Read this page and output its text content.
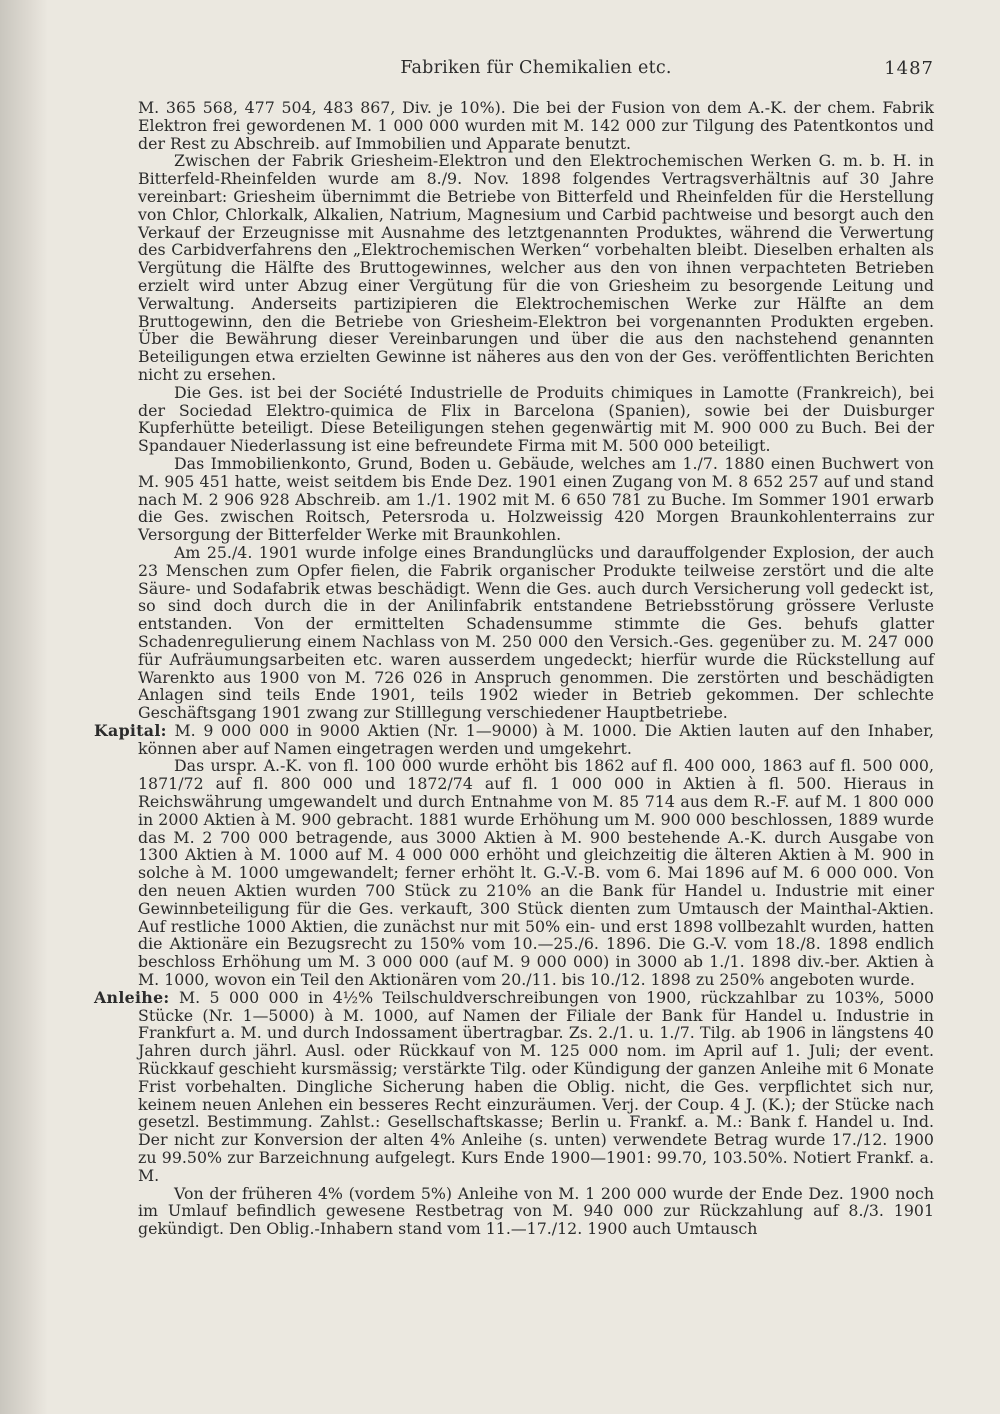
Fabriken für Chemikalien etc.	1487

M. 365 568, 477 504, 483 867, Div. je 10%). Die bei der Fusion von dem A.-K. der chem. Fabrik Elektron frei gewordenen M. 1 000 000 wurden mit M. 142 000 zur Tilgung des Patentkontos und der Rest zu Abschreib. auf Immobilien und Apparate benutzt.

Zwischen der Fabrik Griesheim-Elektron und den Elektrochemischen Werken G. m. b. H. in Bitterfeld-Rheinfelden wurde am 8./9. Nov. 1898 folgendes Vertragsverhältnis auf 30 Jahre vereinbart: Griesheim übernimmt die Betriebe von Bitterfeld und Rheinfelden für die Herstellung von Chlor, Chlorkalk, Alkalien, Natrium, Magnesium und Carbid pachtweise und besorgt auch den Verkauf der Erzeugnisse mit Ausnahme des letztgenannten Produktes, während die Verwertung des Carbidverfahrens den „Elektrochemischen Werken“ vorbehalten bleibt. Dieselben erhalten als Vergütung die Hälfte des Bruttogewinnes, welcher aus den von ihnen verpachteten Betrieben erzielt wird unter Abzug einer Vergütung für die von Griesheim zu besorgende Leitung und Verwaltung. Anderseits partizipieren die Elektrochemischen Werke zur Hälfte an dem Bruttogewinn, den die Betriebe von Griesheim-Elektron bei vorgenannten Produkten ergeben. Über die Bewährung dieser Vereinbarungen und über die aus den nachstehend genannten Beteiligungen etwa erzielten Gewinne ist näheres aus den von der Ges. veröffentlichten Berichten nicht zu ersehen.

Die Ges. ist bei der Société Industrielle de Produits chimiques in Lamotte (Frankreich), bei der Sociedad Elektro-quimica de Flix in Barcelona (Spanien), sowie bei der Duisburger Kupferhütte beteiligt. Diese Beteiligungen stehen gegenwärtig mit M. 900 000 zu Buch. Bei der Spandauer Niederlassung ist eine befreundete Firma mit M. 500 000 beteiligt.

Das Immobilienkonto, Grund, Boden u. Gebäude, welches am 1./7. 1880 einen Buchwert von M. 905 451 hatte, weist seitdem bis Ende Dez. 1901 einen Zugang von M. 8 652 257 auf und stand nach M. 2 906 928 Abschreib. am 1./1. 1902 mit M. 6 650 781 zu Buche. Im Sommer 1901 erwarb die Ges. zwischen Roitsch, Petersroda u. Holzweissig 420 Morgen Braunkohlenterrains zur Versorgung der Bitterfelder Werke mit Braunkohlen.

Am 25./4. 1901 wurde infolge eines Brandunglücks und darauffolgender Explosion, der auch 23 Menschen zum Opfer fielen, die Fabrik organischer Produkte teilweise zerstört und die alte Säure- und Sodafabrik etwas beschädigt. Wenn die Ges. auch durch Versicherung voll gedeckt ist, so sind doch durch die in der Anilinfabrik entstandene Betriebsstörung grössere Verluste entstanden. Von der ermittelten Schadensumme stimmte die Ges. behufs glatter Schadenregulierung einem Nachlass von M. 250 000 den Versich.-Ges. gegenüber zu. M. 247 000 für Aufräumungsarbeiten etc. waren ausserdem ungedeckt; hierfür wurde die Rückstellung auf Warenkto aus 1900 von M. 726 026 in Anspruch genommen. Die zerstörten und beschädigten Anlagen sind teils Ende 1901, teils 1902 wieder in Betrieb gekommen. Der schlechte Geschäftsgang 1901 zwang zur Stilllegung verschiedener Hauptbetriebe.

Kapital: M. 9 000 000 in 9000 Aktien (Nr. 1—9000) à M. 1000. Die Aktien lauten auf den Inhaber, können aber auf Namen eingetragen werden und umgekehrt.

Das urspr. A.-K. von fl. 100 000 wurde erhöht bis 1862 auf fl. 400 000, 1863 auf fl. 500 000, 1871/72 auf fl. 800 000 und 1872/74 auf fl. 1 000 000 in Aktien à fl. 500. Hieraus in Reichswährung umgewandelt und durch Entnahme von M. 85 714 aus dem R.-F. auf M. 1 800 000 in 2000 Aktien à M. 900 gebracht. 1881 wurde Erhöhung um M. 900 000 beschlossen, 1889 wurde das M. 2 700 000 betragende, aus 3000 Aktien à M. 900 bestehende A.-K. durch Ausgabe von 1300 Aktien à M. 1000 auf M. 4 000 000 erhöht und gleichzeitig die älteren Aktien à M. 900 in solche à M. 1000 umgewandelt; ferner erhöht lt. G.-V.-B. vom 6. Mai 1896 auf M. 6 000 000. Von den neuen Aktien wurden 700 Stück zu 210% an die Bank für Handel u. Industrie mit einer Gewinnbeteiligung für die Ges. verkauft, 300 Stück dienten zum Umtausch der Mainthal-Aktien. Auf restliche 1000 Aktien, die zunächst nur mit 50% ein- und erst 1898 vollbezahlt wurden, hatten die Aktionäre ein Bezugsrecht zu 150% vom 10.—25./6. 1896. Die G.-V. vom 18./8. 1898 endlich beschloss Erhöhung um M. 3 000 000 (auf M. 9 000 000) in 3000 ab 1./1. 1898 div.-ber. Aktien à M. 1000, wovon ein Teil den Aktionären vom 20./11. bis 10./12. 1898 zu 250% angeboten wurde.

Anleihe: M. 5 000 000 in 4½% Teilschuldverschreibungen von 1900, rückzahlbar zu 103%, 5000 Stücke (Nr. 1—5000) à M. 1000, auf Namen der Filiale der Bank für Handel u. Industrie in Frankfurt a. M. und durch Indossament übertragbar. Zs. 2./1. u. 1./7. Tilg. ab 1906 in längstens 40 Jahren durch jährl. Ausl. oder Rückkauf von M. 125 000 nom. im April auf 1. Juli; der event. Rückkauf geschieht kursmässig; verstärkte Tilg. oder Kündigung der ganzen Anleihe mit 6 Monate Frist vorbehalten. Dingliche Sicherung haben die Oblig. nicht, die Ges. verpflichtet sich nur, keinem neuen Anlehen ein besseres Recht einzuräumen. Verj. der Coup. 4 J. (K.); der Stücke nach gesetzl. Bestimmung. Zahlst.: Gesellschaftskasse; Berlin u. Frankf. a. M.: Bank f. Handel u. Ind. Der nicht zur Konversion der alten 4% Anleihe (s. unten) verwendete Betrag wurde 17./12. 1900 zu 99.50% zur Barzeichnung aufgelegt. Kurs Ende 1900—1901: 99.70, 103.50%. Notiert Frankf. a. M.

Von der früheren 4% (vordem 5%) Anleihe von M. 1 200 000 wurde der Ende Dez. 1900 noch im Umlauf befindlich gewesene Restbetrag von M. 940 000 zur Rückzahlung auf 8./3. 1901 gekündigt. Den Oblig.-Inhabern stand vom 11.—17./12. 1900 auch Umtausch
